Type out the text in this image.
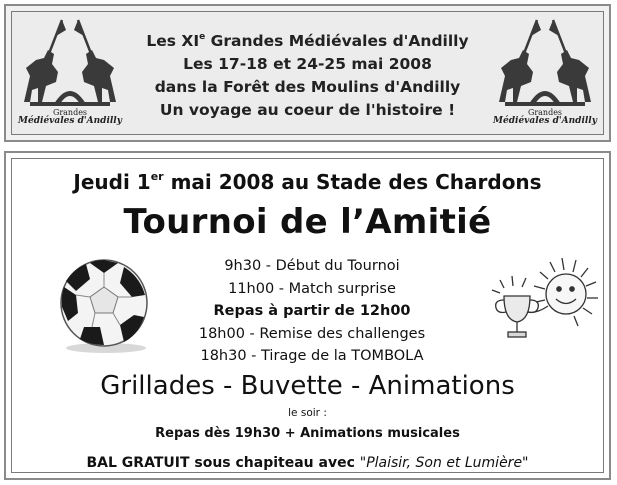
Grandes
Médiévales d'Andilly
Les XIe Grandes Médiévales d'Andilly
Les 17-18 et 24-25 mai 2008
dans la Forêt des Moulins d'Andilly
Un voyage au coeur de l'histoire !	Grandes
Médiévales d'Andilly
Jeudi 1er mai 2008 au Stade des Chardons
Tournoi de l’Amitié
9h30 - Début du Tournoi
11h00 - Match surprise
Repas à partir de 12h00
18h00 - Remise des challenges
18h30 - Tirage de la TOMBOLA
Grillades - Buvette - Animations
le soir :
Repas dès 19h30 + Animations musicales
BAL GRATUIT sous chapiteau avec "Plaisir, Son et Lumière"
